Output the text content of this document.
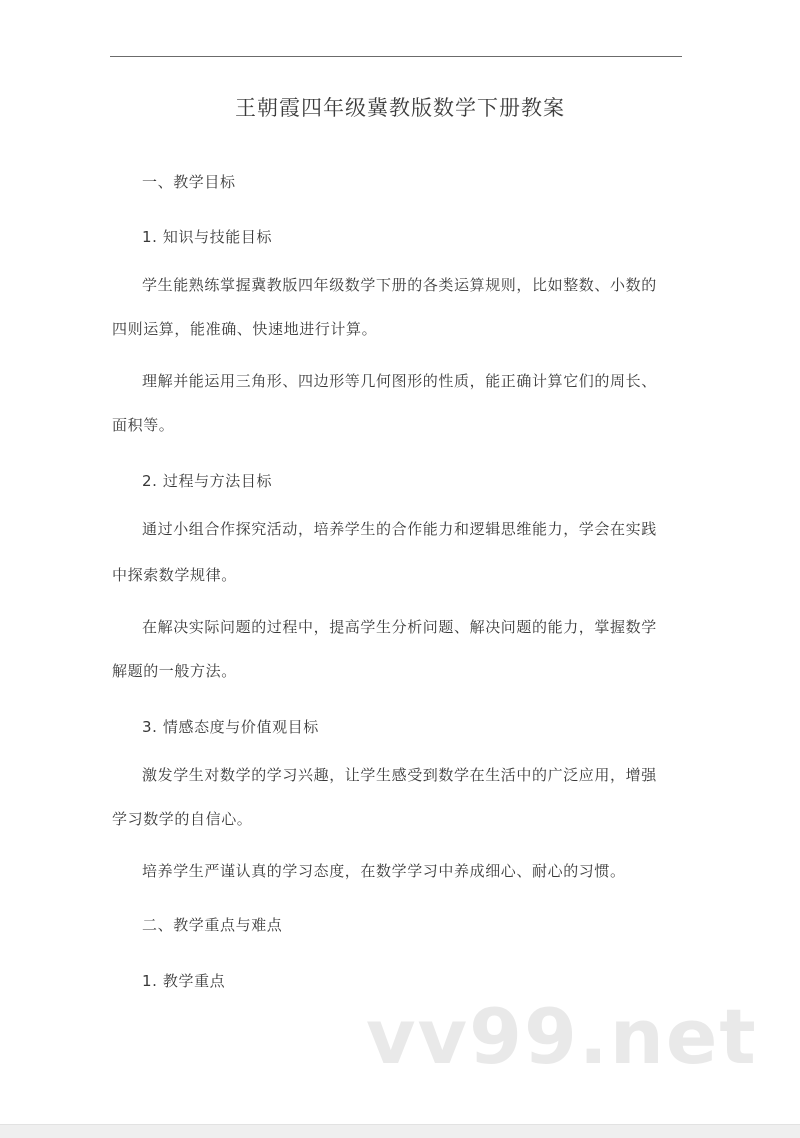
王朝霞四年级冀教版数学下册教案
一、教学目标
1. 知识与技能目标
学生能熟练掌握冀教版四年级数学下册的各类运算规则，比如整数、小数的
四则运算，能准确、快速地进行计算。
理解并能运用三角形、四边形等几何图形的性质，能正确计算它们的周长、
面积等。
2. 过程与方法目标
通过小组合作探究活动，培养学生的合作能力和逻辑思维能力，学会在实践
中探索数学规律。
在解决实际问题的过程中，提高学生分析问题、解决问题的能力，掌握数学
解题的一般方法。
3. 情感态度与价值观目标
激发学生对数学的学习兴趣，让学生感受到数学在生活中的广泛应用，增强
学习数学的自信心。
培养学生严谨认真的学习态度，在数学学习中养成细心、耐心的习惯。
二、教学重点与难点
1. 教学重点
vv99.net
